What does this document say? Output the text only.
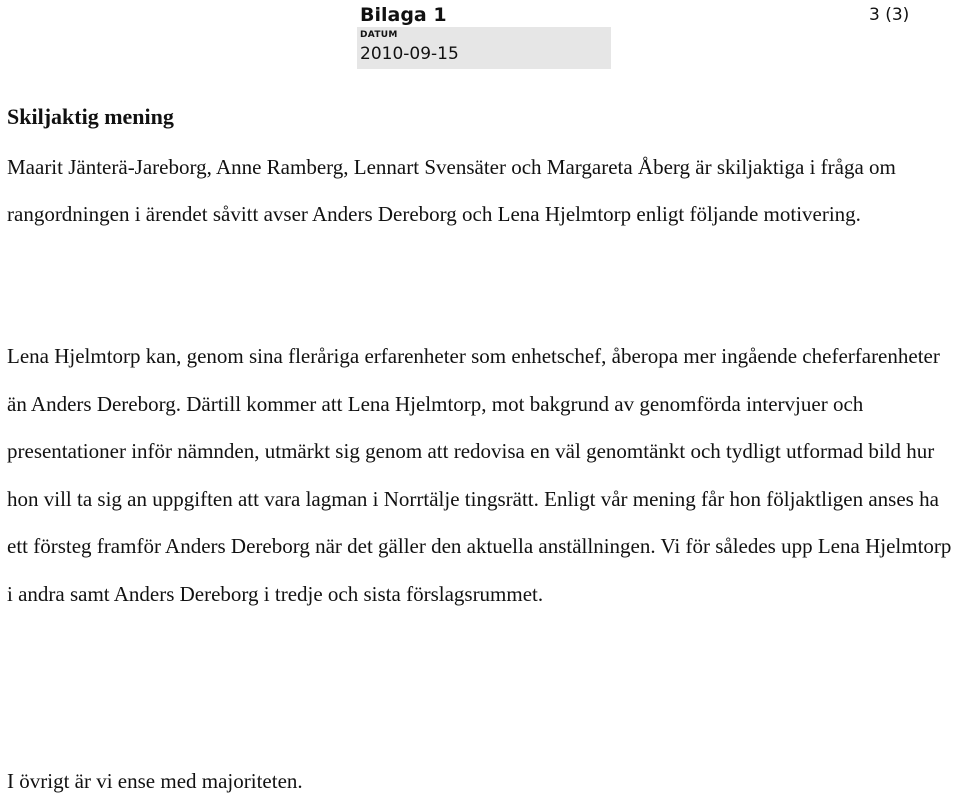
Bilaga 1	3 (3)
DATUM
2010-09-15
Skiljaktig mening
Maarit Jänterä-Jareborg, Anne Ramberg, Lennart Svensäter och Margareta Åberg är skiljaktiga i fråga om rangordningen i ärendet såvitt avser Anders Dereborg och Lena Hjelmtorp enligt följande motivering.
Lena Hjelmtorp kan, genom sina fleråriga erfarenheter som enhetschef, åberopa mer ingående cheferfarenheter än Anders Dereborg. Därtill kommer att Lena Hjelmtorp, mot bakgrund av genomförda intervjuer och presentationer inför nämnden, utmärkt sig genom att redovisa en väl genomtänkt och tydligt utformad bild hur hon vill ta sig an uppgiften att vara lagman i Norrtälje tingsrätt. Enligt vår mening får hon följaktligen anses ha ett försteg framför Anders Dereborg när det gäller den aktuella anställningen. Vi för således upp Lena Hjelmtorp i andra samt Anders Dereborg i tredje och sista förslagsrummet.
I övrigt är vi ense med majoriteten.
